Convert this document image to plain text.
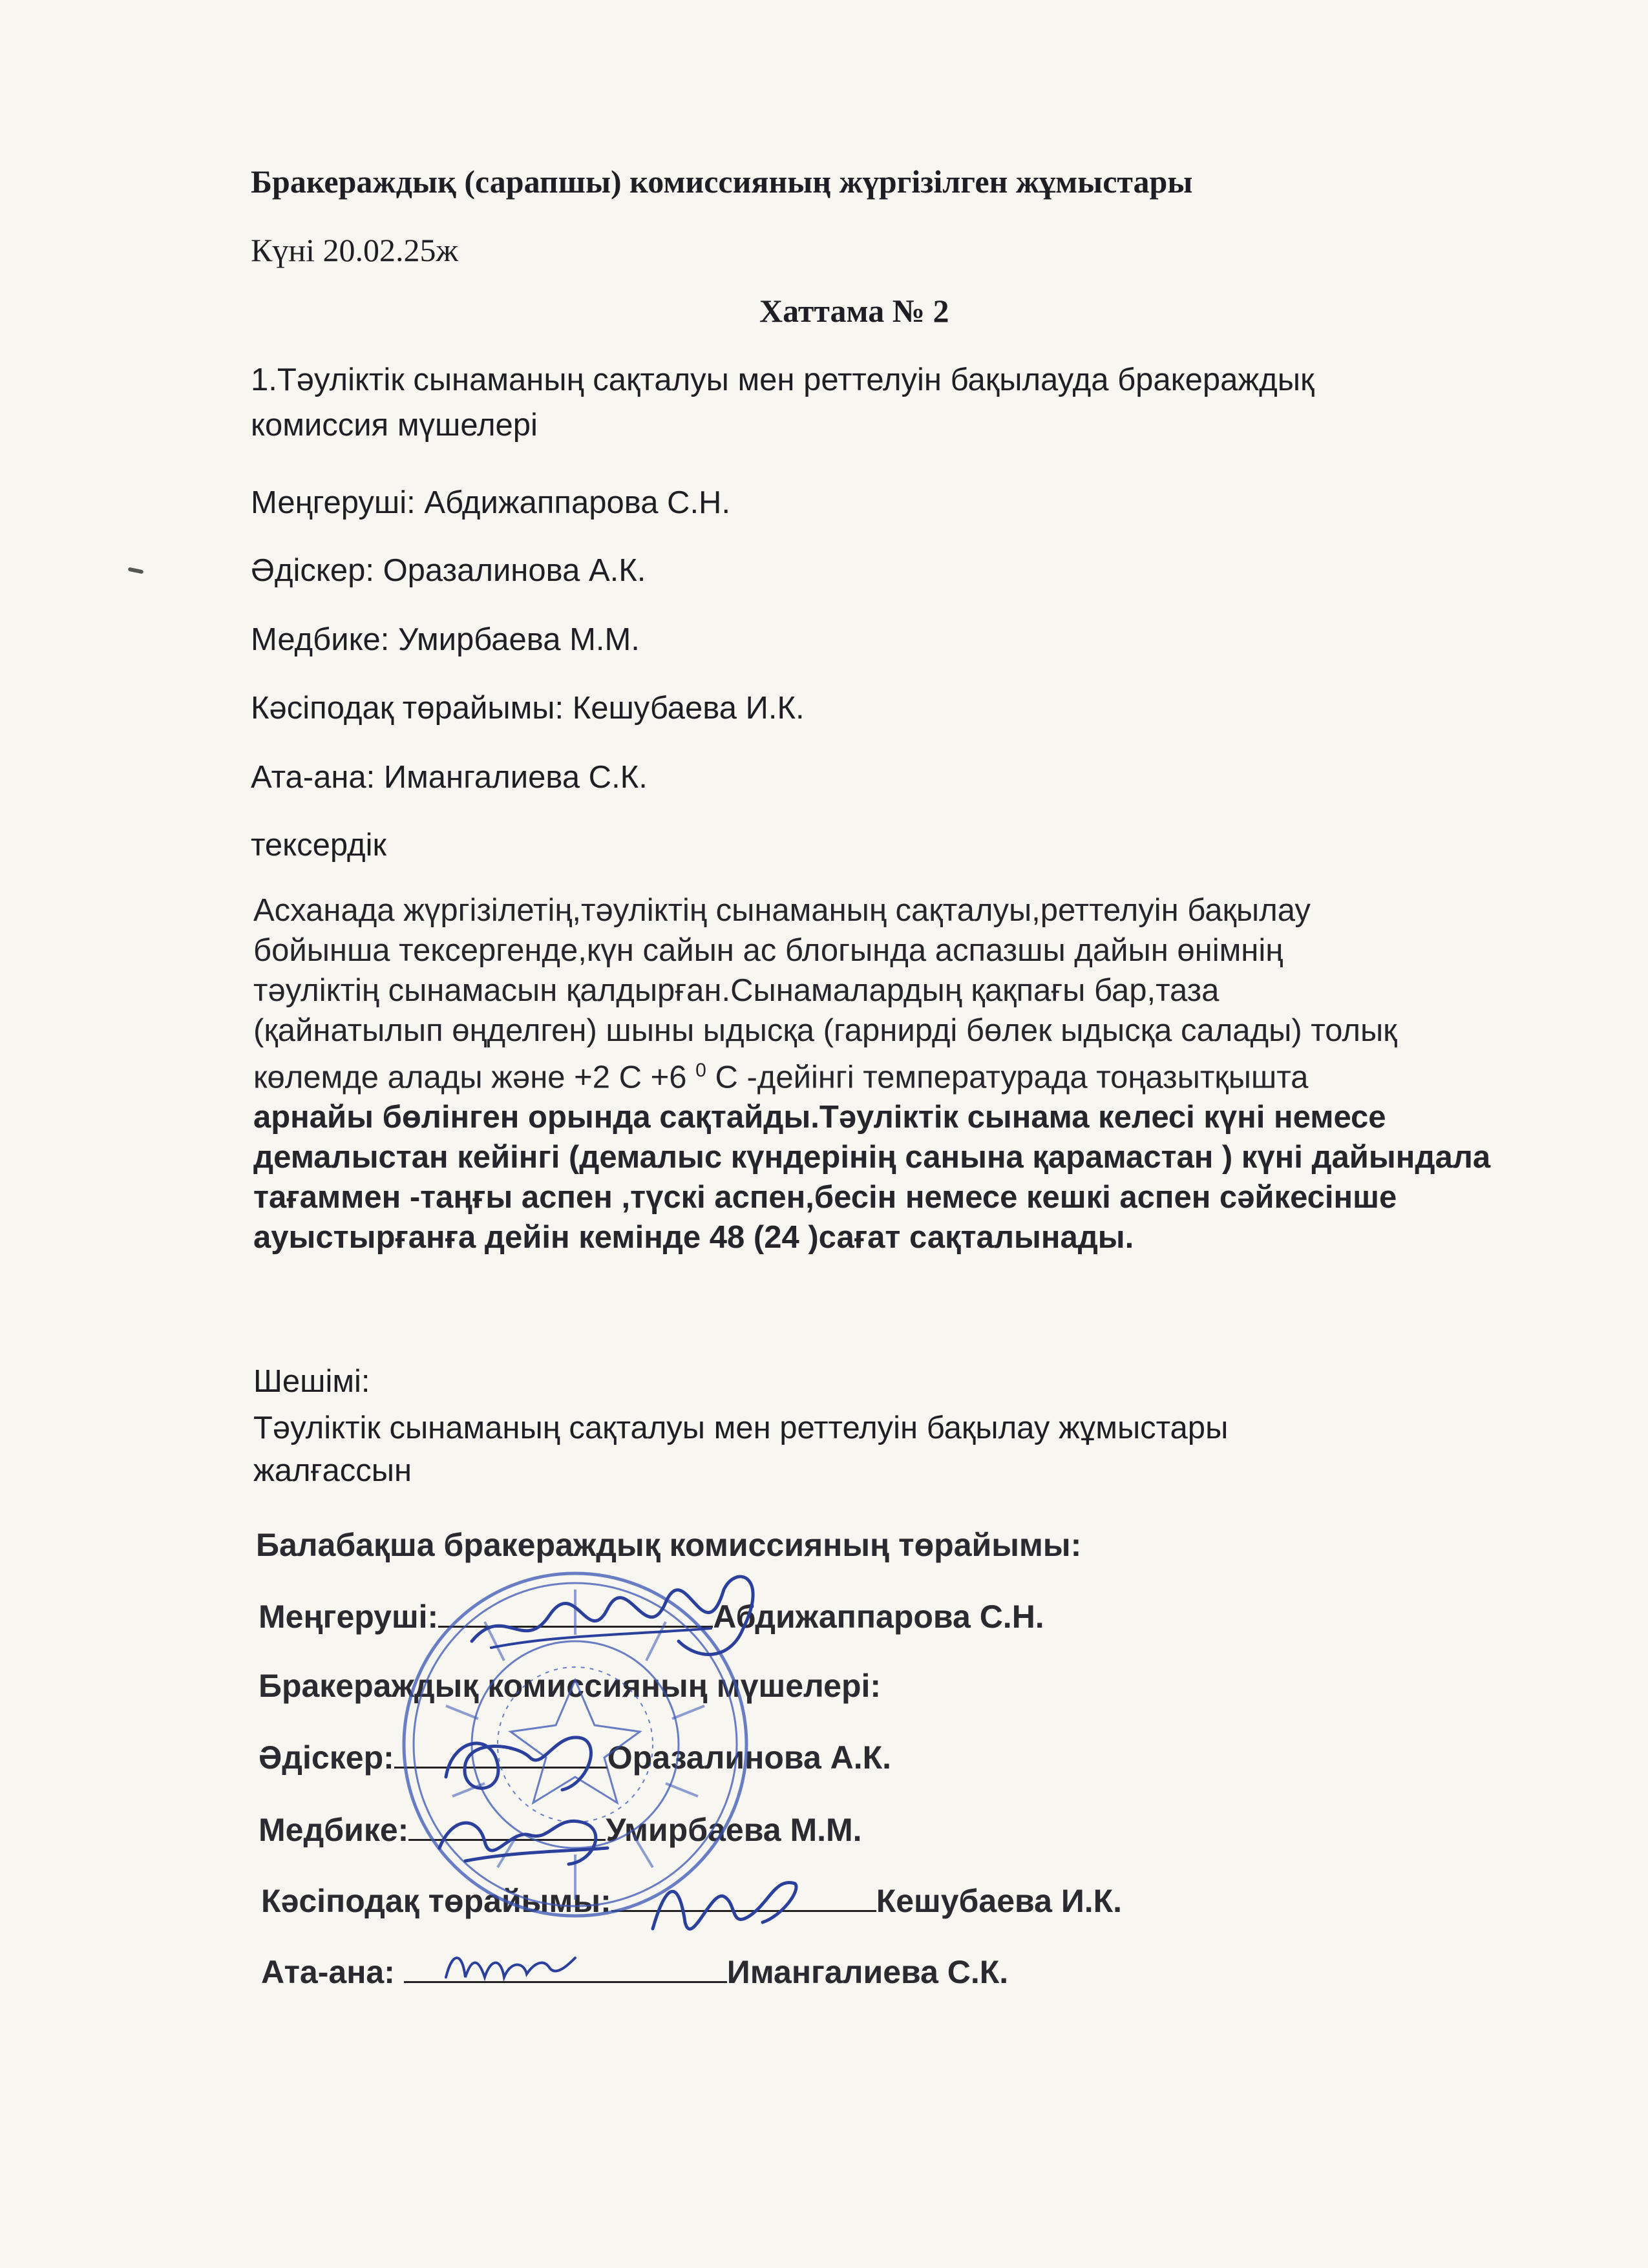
Бракераждық (сарапшы) комиссияның жүргізілген жұмыстары
Күні 20.02.25ж
Хаттама № 2
1.Тәуліктік сынаманың сақталуы мен реттелуін бақылауда бракераждық
комиссия мүшелері
Меңгеруші: Абдижаппарова С.Н.
Әдіскер: Оразалинова А.К.
Медбике: Умирбаева М.М.
Кәсіподақ төрайымы: Кешубаева И.К.
Ата-ана: Имангалиева С.К.
тексердік
Асханада жүргізілетің,тәуліктің сынаманың сақталуы,реттелуін бақылау
бойынша тексергенде,күн сайын ас блогында аспазшы дайын өнімнің
тәуліктің сынамасын қалдырған.Сынамалардың қақпағы бар,таза
(қайнатылып өңделген) шыны ыдысқа (гарнирді бөлек ыдысқа салады) толық
көлемде алады және +2 С +6 $^0$ С -дейінгі температурада тоңазытқышта
арнайы бөлінген орында сақтайды.Тәуліктік сынама келесі күні немесе
демалыстан кейінгі (демалыс күндерінің санына қарамастан ) күні дайындала
тағаммен -таңғы аспен ,түскі аспен,бесін немесе кешкі аспен сәйкесінше
ауыстырғанға дейін кемінде 48 (24 )сағат сақталынады.
Шешімі:
Тәуліктік сынаманың сақталуы мен реттелуін бақылау жұмыстары
жалғассын
Балабақша бракераждық комиссияның төрайымы:
Меңгеруші:	Абдижаппарова С.Н.
Бракераждық комиссияның мүшелері:
Әдіскер:	Оразалинова А.К.
Медбике:	Умирбаева М.М.
Кәсіподақ төрайымы:	Кешубаева И.К.
Ата-ана:	Имангалиева С.К.
